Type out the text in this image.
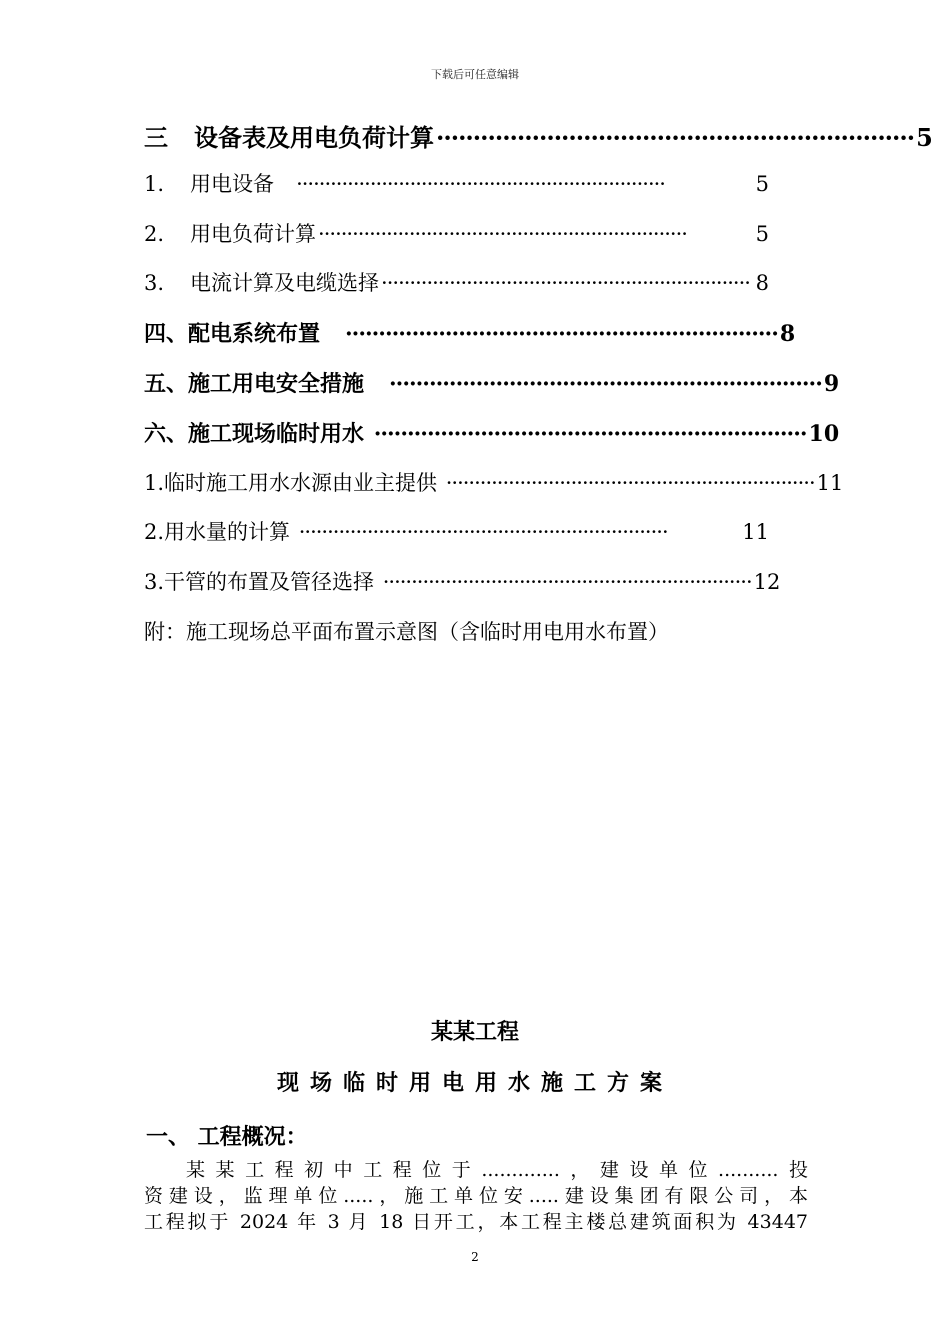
下载后可任意编辑
三 设备表及用电负荷计算 ································································· 5
1. 用电设备	·································································	5
2. 用电负荷计算 ·································································	5
3. 电流计算及电缆选择 ································································· 8
四、配电系统布置	································································· 8
五、施工用电安全措施	································································· 9
六、施工现场临时用水 ································································· 10
1.临时施工用水水源由业主提供 ································································· 11
2.用水量的计算 ·································································	11
3.干管的布置及管径选择 ································································· 12
附：施工现场总平面布置示意图（含临时用电用水布置）
某某工程
现场临时用电用水施工方案
一、 工程概况：
某某工程初中工程位于.............，建设单位..........投
资建设，监理单位.....，施工单位安.....建设集团有限公司，本
工程拟于 2024 年 3 月 18 日开工，本工程主楼总建筑面积为 43447
2
